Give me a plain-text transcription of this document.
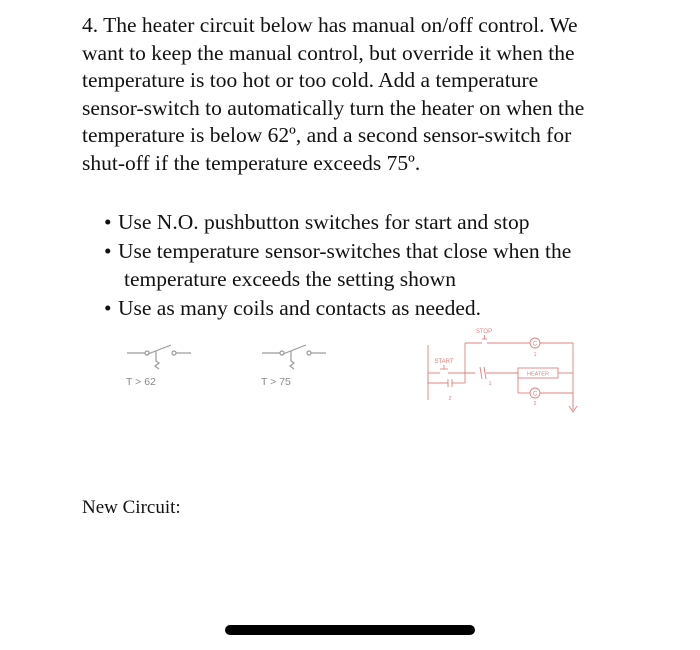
4. The heater circuit below has manual on/off control. We
want to keep the manual control, but override it when the
temperature is too hot or too cold. Add a temperature
sensor-switch to automatically turn the heater on when the
temperature is below 62º, and a second sensor-switch for
shut-off if the temperature exceeds 75º.
• Use N.O. pushbutton switches for start and stop
• Use temperature sensor-switches that close when the
temperature exceeds the setting shown
• Use as many coils and contacts as needed.
T > 62	T > 75
C
C
STOP
START
HEATER
1
1
2
2
New Circuit:
